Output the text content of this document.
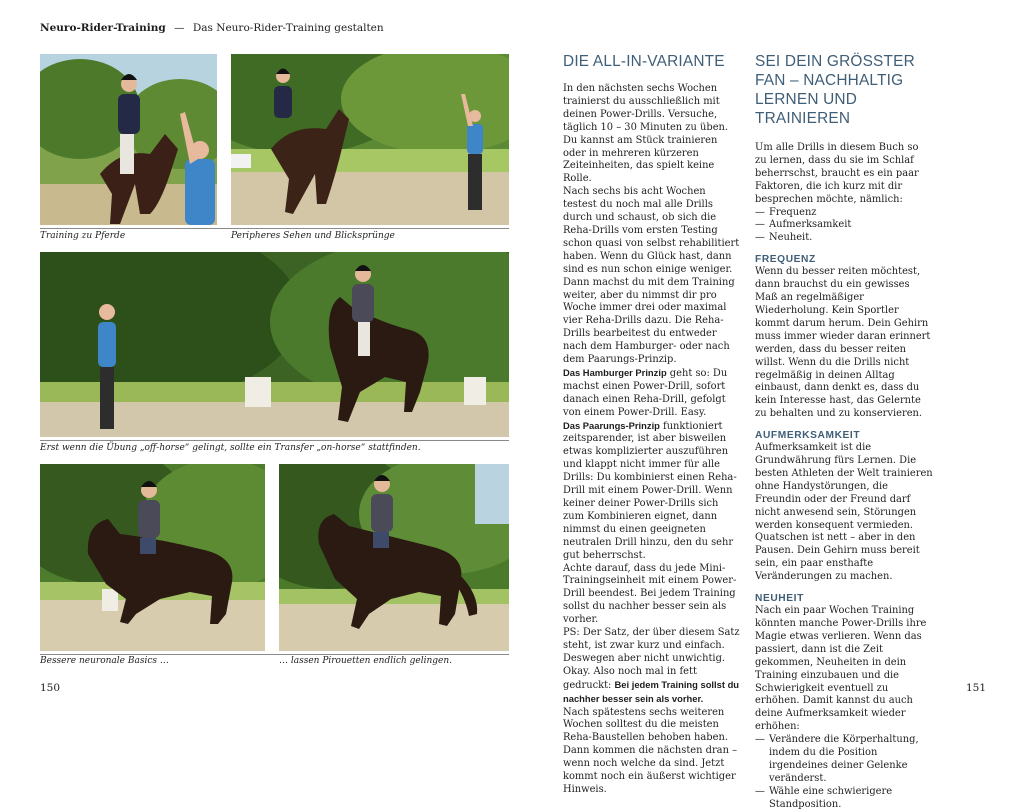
Neuro-Rider-Training — Das Neuro-Rider-Training gestalten
Training zu Pferde	Peripheres Sehen und Blicksprünge
Erst wenn die Übung „off-horse“ gelingt, sollte ein Transfer „on-horse“ stattfinden.
Bessere neuronale Basics …	… lassen Pirouetten endlich gelingen.
150	151
DIE ALL-IN-VARIANTE

In den nächsten sechs Wochen trainierst du ausschließlich mit deinen Power-Drills. Versuche, täglich 10 – 30 Minuten zu üben. Du kannst am Stück trainieren oder in mehreren kürzeren Zeiteinheiten, das spielt keine Rolle.

Nach sechs bis acht Wochen testest du noch mal alle Drills durch und schaust, ob sich die Reha-Drills vom ersten Testing schon quasi von selbst rehabilitiert haben. Wenn du Glück hast, dann sind es nun schon einige weniger.

Dann machst du mit dem Training weiter, aber du nimmst dir pro Woche immer drei oder maximal vier Reha-Drills dazu. Die Reha-Drills bearbeitest du entweder nach dem Hamburger- oder nach dem Paarungs-Prinzip.

Das Hamburger Prinzip geht so: Du machst einen Power-Drill, sofort danach einen Reha-Drill, gefolgt von einem Power-Drill. Easy.

Das Paarungs-Prinzip funktioniert zeitsparender, ist aber bisweilen etwas komplizierter auszuführen und klappt nicht immer für alle Drills: Du kombinierst einen Reha-Drill mit einem Power-Drill. Wenn keiner deiner Power-Drills sich zum Kombinieren eignet, dann nimmst du einen geeigneten neutralen Drill hinzu, den du sehr gut beherrschst.

Achte darauf, dass du jede Mini-Trainingseinheit mit einem Power-Drill beendest. Bei jedem Training sollst du nachher besser sein als vorher.

PS: Der Satz, der über diesem Satz steht, ist zwar kurz und einfach. Deswegen aber nicht unwichtig. Okay. Also noch mal in fett gedruckt: Bei jedem Training sollst du nachher besser sein als vorher.

Nach spätestens sechs weiteren Wochen solltest du die meisten Reha-Baustellen behoben haben. Dann kommen die nächsten dran – wenn noch welche da sind. Jetzt kommt noch ein äußerst wichtiger Hinweis.

SEI DEIN GRÖSSTER FAN – NACHHALTIG LERNEN UND TRAINIEREN

Um alle Drills in diesem Buch so zu lernen, dass du sie im Schlaf beherrschst, braucht es ein paar Faktoren, die ich kurz mit dir besprechen möchte, nämlich:

— Frequenz
— Aufmerksamkeit
— Neuheit.
FREQUENZ

Wenn du besser reiten möchtest, dann brauchst du ein gewisses Maß an regelmäßiger Wiederholung. Kein Sportler kommt darum herum. Dein Gehirn muss immer wieder daran erinnert werden, dass du besser reiten willst. Wenn du die Drills nicht regelmäßig in deinen Alltag einbaust, dann denkt es, dass du kein Interesse hast, das Gelernte zu behalten und zu konservieren.

AUFMERKSAMKEIT

Aufmerksamkeit ist die Grundwährung fürs Lernen. Die besten Athleten der Welt trainieren ohne Handystörungen, die Freundin oder der Freund darf nicht anwesend sein, Störungen werden konsequent vermieden. Quatschen ist nett – aber in den Pausen. Dein Gehirn muss bereit sein, ein paar ensthafte Veränderungen zu machen.

NEUHEIT

Nach ein paar Wochen Training könnten manche Power-Drills ihre Magie etwas verlieren. Wenn das passiert, dann ist die Zeit gekommen, Neuheiten in dein Training einzubauen und die Schwierigkeit eventuell zu erhöhen. Damit kannst du auch deine Aufmerksamkeit wieder erhöhen:

— Verändere die Körperhaltung, indem du die Position irgendeines deiner Gelenke veränderst.
— Wähle eine schwierigere Standposition.
